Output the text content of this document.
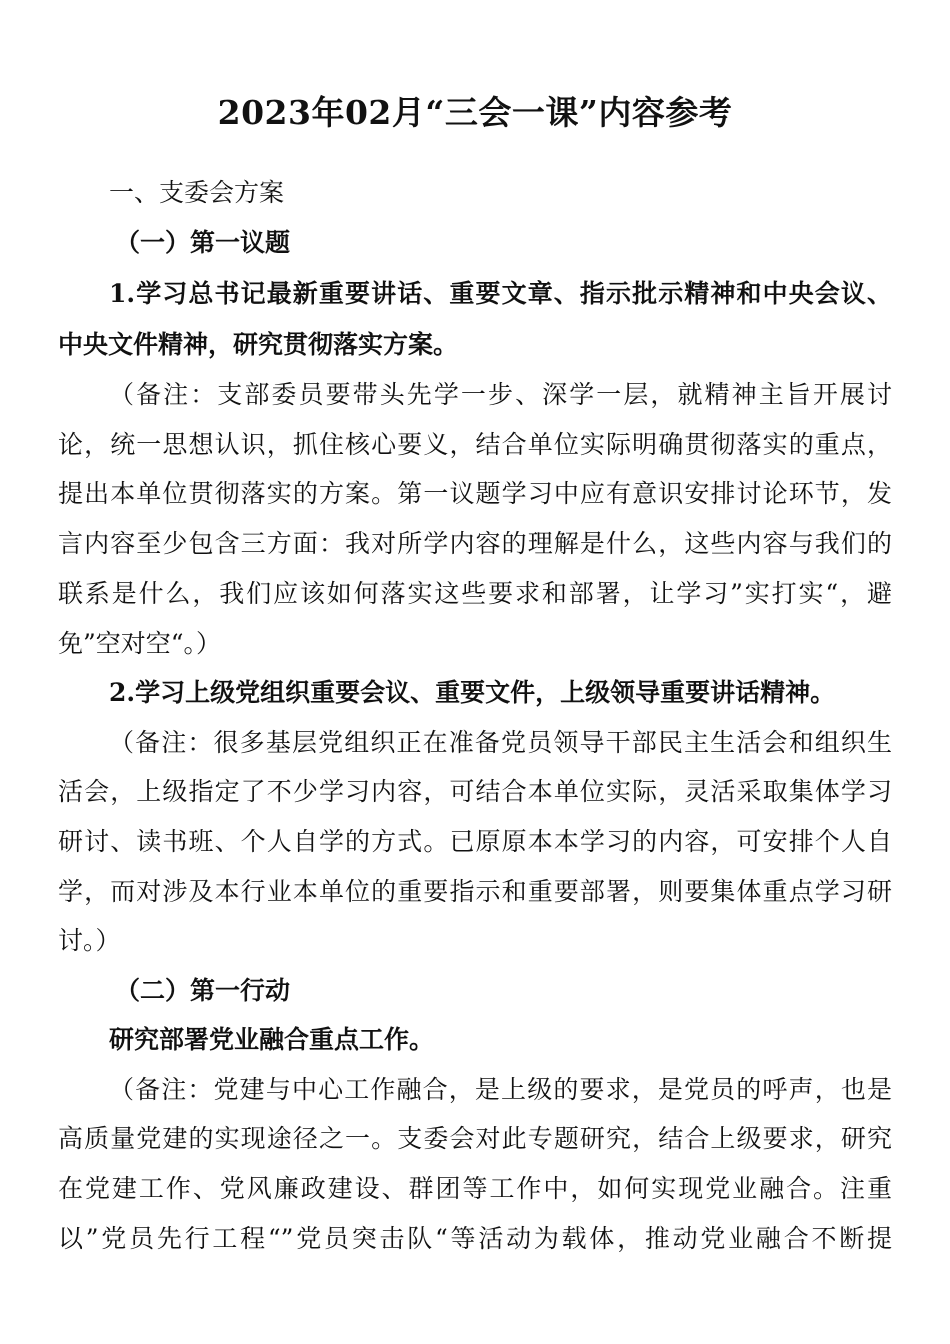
2023年02月“三会一课”内容参考
一、支委会方案
（一）第一议题
1.学习总书记最新重要讲话、重要文章、指示批示精神和中央会议、
中央文件精神，研究贯彻落实方案。
（备注：支部委员要带头先学一步、深学一层，就精神主旨开展讨
论，统一思想认识，抓住核心要义，结合单位实际明确贯彻落实的重点，
提出本单位贯彻落实的方案。第一议题学习中应有意识安排讨论环节，发
言内容至少包含三方面：我对所学内容的理解是什么，这些内容与我们的
联系是什么，我们应该如何落实这些要求和部署，让学习”实打实“，避
免”空对空“。）
2.学习上级党组织重要会议、重要文件，上级领导重要讲话精神。
（备注：很多基层党组织正在准备党员领导干部民主生活会和组织生
活会，上级指定了不少学习内容，可结合本单位实际，灵活采取集体学习
研讨、读书班、个人自学的方式。已原原本本学习的内容，可安排个人自
学，而对涉及本行业本单位的重要指示和重要部署，则要集体重点学习研
讨。）
（二）第一行动
研究部署党业融合重点工作。
（备注：党建与中心工作融合，是上级的要求，是党员的呼声，也是
高质量党建的实现途径之一。支委会对此专题研究，结合上级要求，研究
在党建工作、党风廉政建设、群团等工作中，如何实现党业融合。注重
以”党员先行工程“”党员突击队“等活动为载体，推动党业融合不断提
